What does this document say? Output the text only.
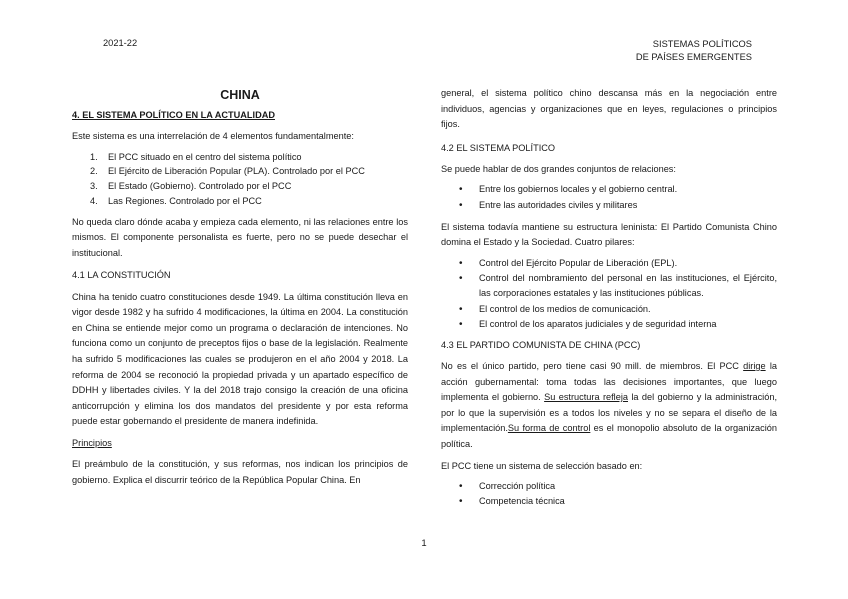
2021-22	SISTEMAS POLÍTICOS
DE PAÍSES EMERGENTES
CHINA
4. EL SISTEMA POLÍTICO EN LA ACTUALIDAD

Este sistema es una interrelación de 4 elementos fundamentalmente:

1. El PCC situado en el centro del sistema político
2. El Ejército de Liberación Popular (PLA). Controlado por el PCC
3. El Estado (Gobierno). Controlado por el PCC
4. Las Regiones. Controlado por el PCC

No queda claro dónde acaba y empieza cada elemento, ni las relaciones entre los mismos. El componente personalista es fuerte, pero no se puede desechar el institucional.

4.1 LA CONSTITUCIÓN

China ha tenido cuatro constituciones desde 1949. La última constitución lleva en vigor desde 1982 y ha sufrido 4 modificaciones, la última en 2004. La constitución en China se entiende mejor como un programa o declaración de intenciones. No funciona como un conjunto de preceptos fijos o base de la legislación. Realmente ha sufrido 5 modificaciones las cuales se produjeron en el año 2004 y 2018. La reforma de 2004 se reconoció la propiedad privada y un apartado específico de DDHH y libertades civiles. Y la del 2018 trajo consigo la creación de una oficina anticorrupción y elimina los dos mandatos del presidente y por esta reforma puede estar gobernando el presidente de manera indefinida.

Principios

El preámbulo de la constitución, y sus reformas, nos indican los principios de gobierno. Explica el discurrir teórico de la República Popular China. En

general, el sistema político chino descansa más en la negociación entre individuos, agencias y organizaciones que en leyes, regulaciones o principios fijos.

4.2 EL SISTEMA POLÍTICO

Se puede hablar de dos grandes conjuntos de relaciones:

• Entre los gobiernos locales y el gobierno central.
• Entre las autoridades civiles y militares

El sistema todavía mantiene su estructura leninista: El Partido Comunista Chino domina el Estado y la Sociedad. Cuatro pilares:

• Control del Ejército Popular de Liberación (EPL).
• Control del nombramiento del personal en las instituciones, el Ejército, las corporaciones estatales y las instituciones públicas.
• El control de los medios de comunicación.
• El control de los aparatos judiciales y de seguridad interna
4.3 EL PARTIDO COMUNISTA DE CHINA (PCC)

No es el único partido, pero tiene casi 90 mill. de miembros. El PCC dirige la acción gubernamental: toma todas las decisiones importantes, que luego implementa el gobierno. Su estructura refleja la del gobierno y la administración, por lo que la supervisión es a todos los niveles y no se separa el diseño de la implementación.Su forma de control es el monopolio absoluto de la organización política.

El PCC tiene un sistema de selección basado en:

• Corrección política
• Competencia técnica
1
